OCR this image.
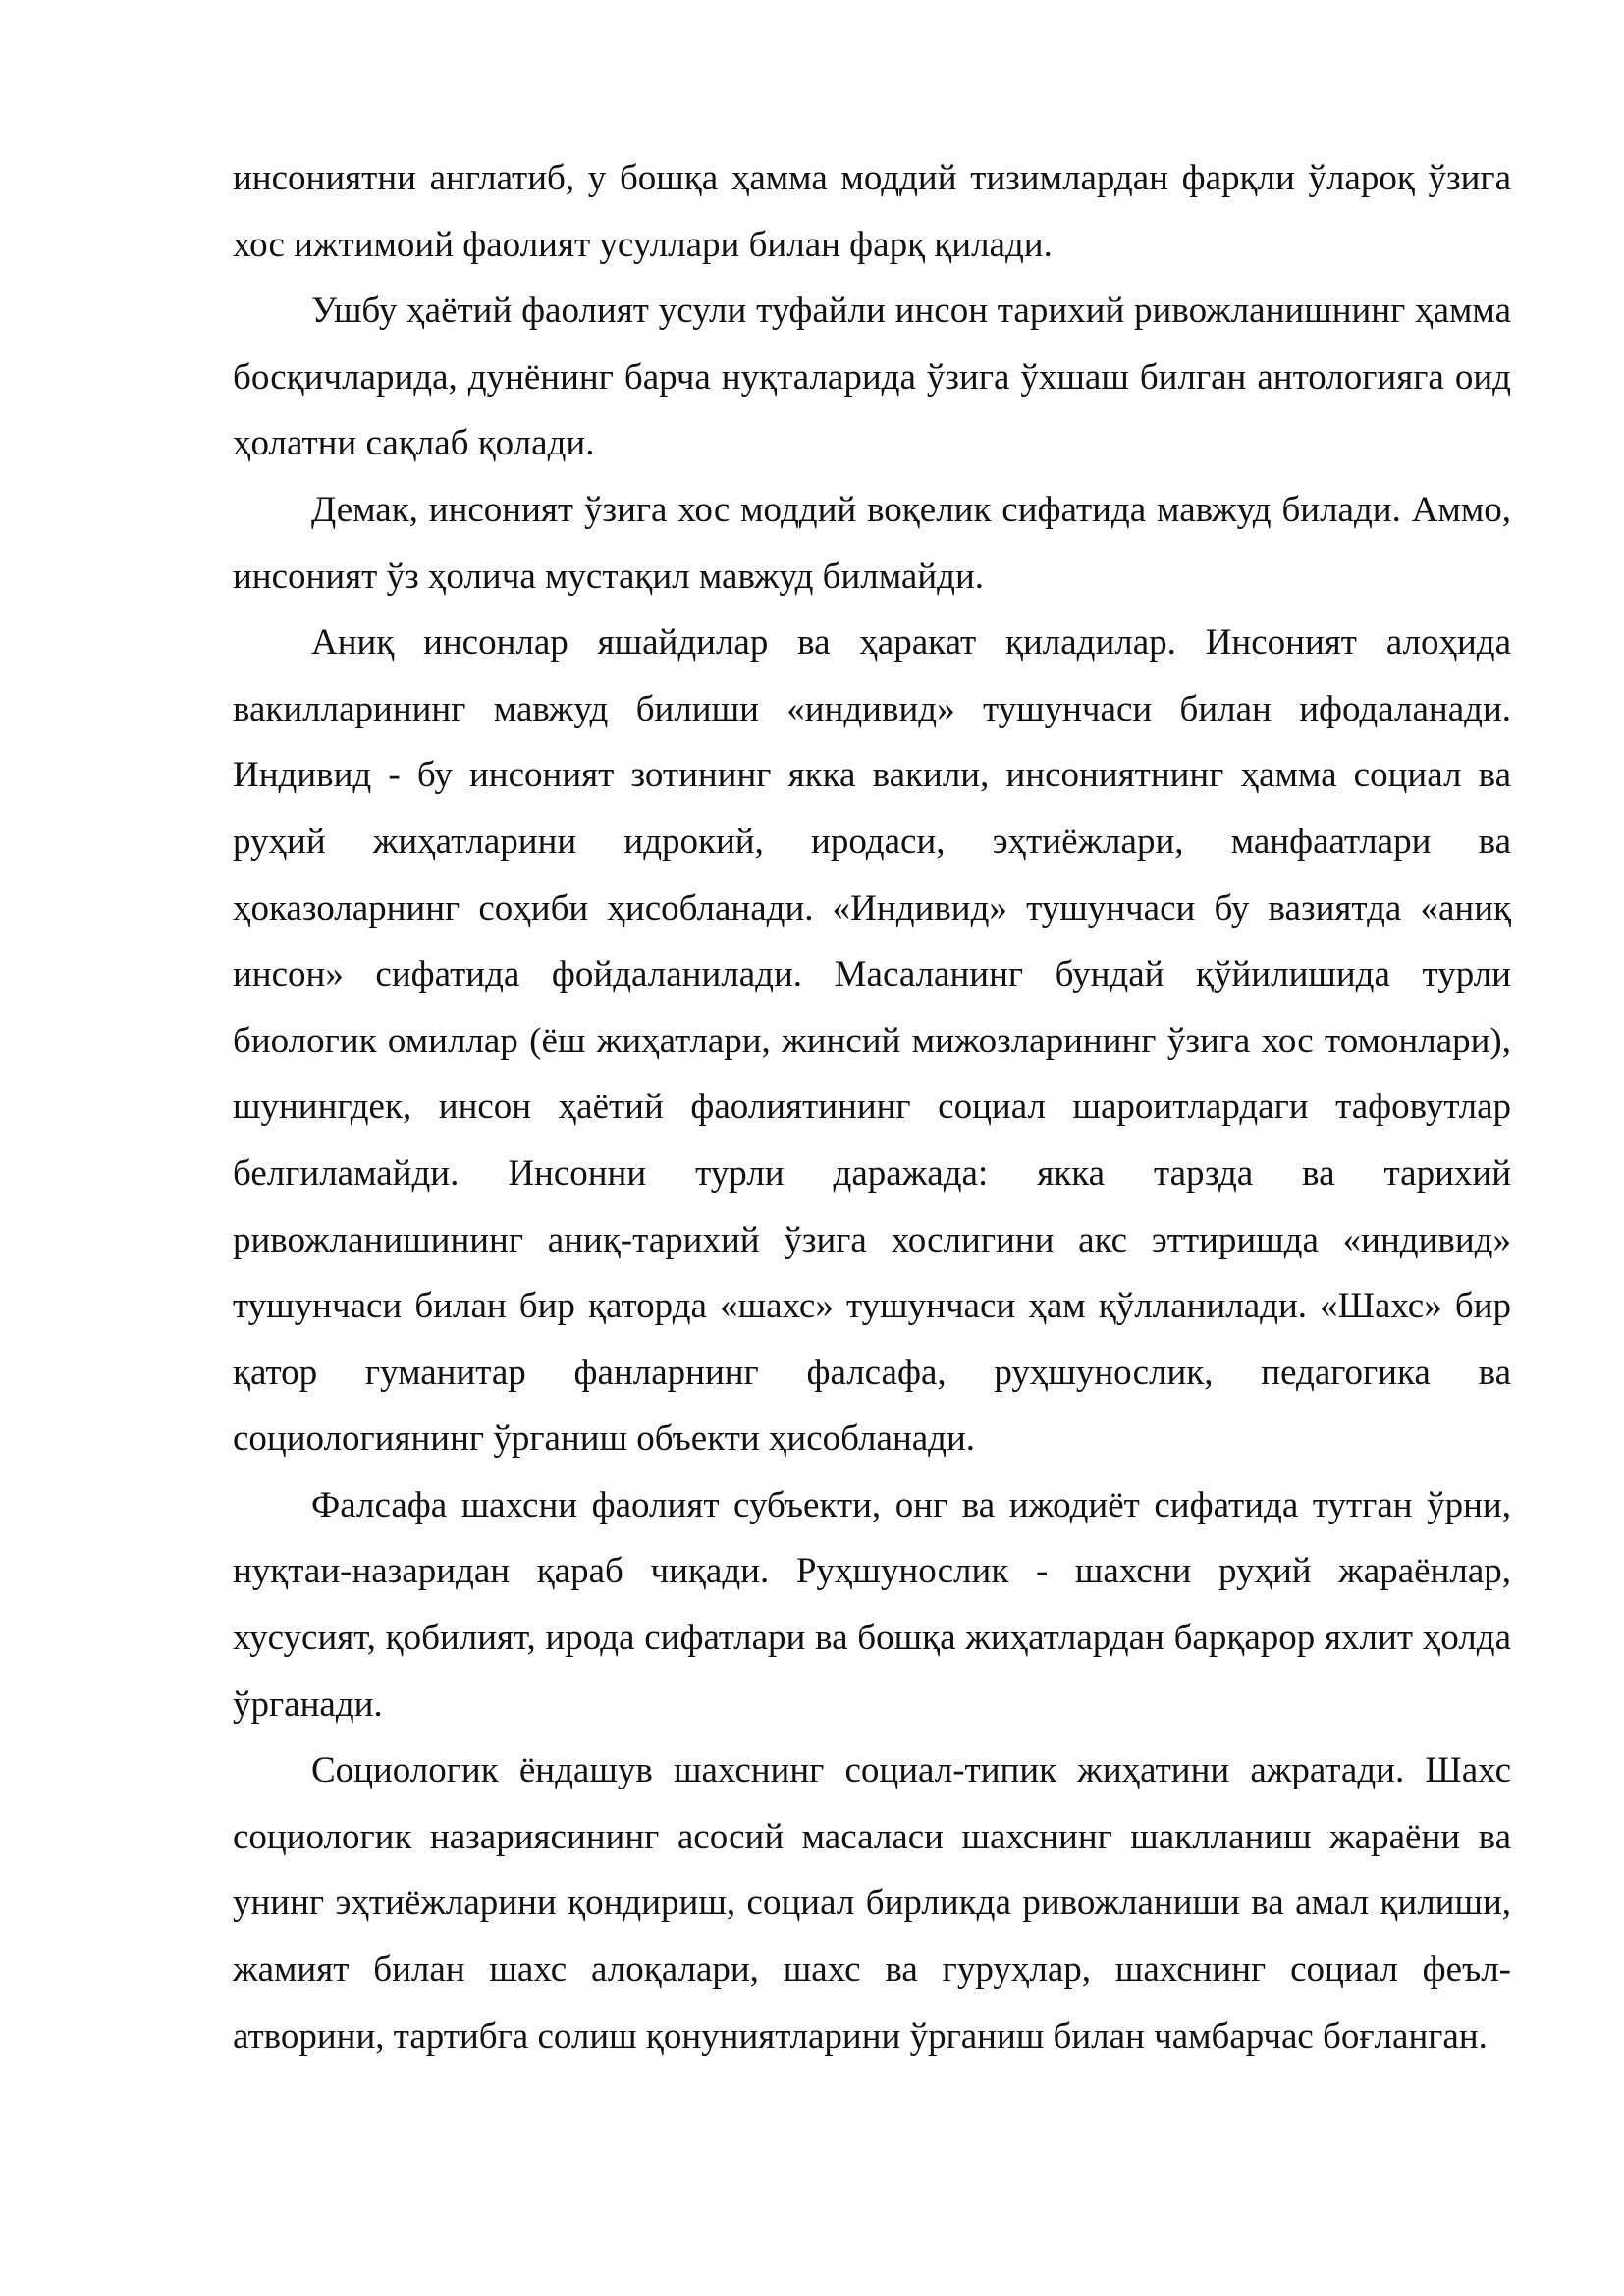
инсониятни англатиб, у бошқа ҳамма моддий тизимлардан фарқли ўлароқ ўзига хос ижтимоий фаолият усуллари билан фарқ қилади.

Ушбу ҳаётий фаолият усули туфайли инсон тарихий ривожланишнинг ҳамма босқичларида, дунёнинг барча нуқталарида ўзига ўхшаш билган антологияга оид ҳолатни сақлаб қолади.

Демак, инсоният ўзига хос моддий воқелик сифатида мавжуд билади. Аммо, инсоният ўз ҳолича мустақил мавжуд билмайди.

Аниқ инсонлар яшайдилар ва ҳаракат қиладилар. Инсоният алоҳида вакилларининг мавжуд билиши «индивид» тушунчаси билан ифодаланади. Индивид - бу инсоният зотининг якка вакили, инсониятнинг ҳамма социал ва руҳий жиҳатларини идрокий, иродаси, эҳтиёжлари, манфаатлари ва ҳоказоларнинг соҳиби ҳисобланади. «Индивид» тушунчаси бу вазиятда «аниқ инсон» сифатида фойдаланилади. Масаланинг бундай қўйилишида турли биологик омиллар (ёш жиҳатлари, жинсий мижозларининг ўзига хос томонлари), шунингдек, инсон ҳаётий фаолиятининг социал шароитлардаги тафовутлар белгиламайди. Инсонни турли даражада: якка тарзда ва тарихий ривожланишининг аниқ-тарихий ўзига хослигини акс эттиришда «индивид» тушунчаси билан бир қаторда «шахс» тушунчаси ҳам қўлланилади. «Шахс» бир қатор гуманитар фанларнинг фалсафа, руҳшунослик, педагогика ва социологиянинг ўрганиш объекти ҳисобланади.

Фалсафа шахсни фаолият субъекти, онг ва ижодиёт сифатида тутган ўрни, нуқтаи-назаридан қараб чиқади. Руҳшунослик - шахсни руҳий жараёнлар, хусусият, қобилият, ирода сифатлари ва бошқа жиҳатлардан барқарор яхлит ҳолда ўрганади.

Социологик ёндашув шахснинг социал-типик жиҳатини ажратади. Шахс социологик назариясининг асосий масаласи шахснинг шаклланиш жараёни ва унинг эҳтиёжларини қондириш, социал бирликда ривожланиши ва амал қилиши, жамият билан шахс алоқалари, шахс ва гуруҳлар, шахснинг социал феъл-атворини, тартибга солиш қонуниятларини ўрганиш билан чамбарчас боғланган.
